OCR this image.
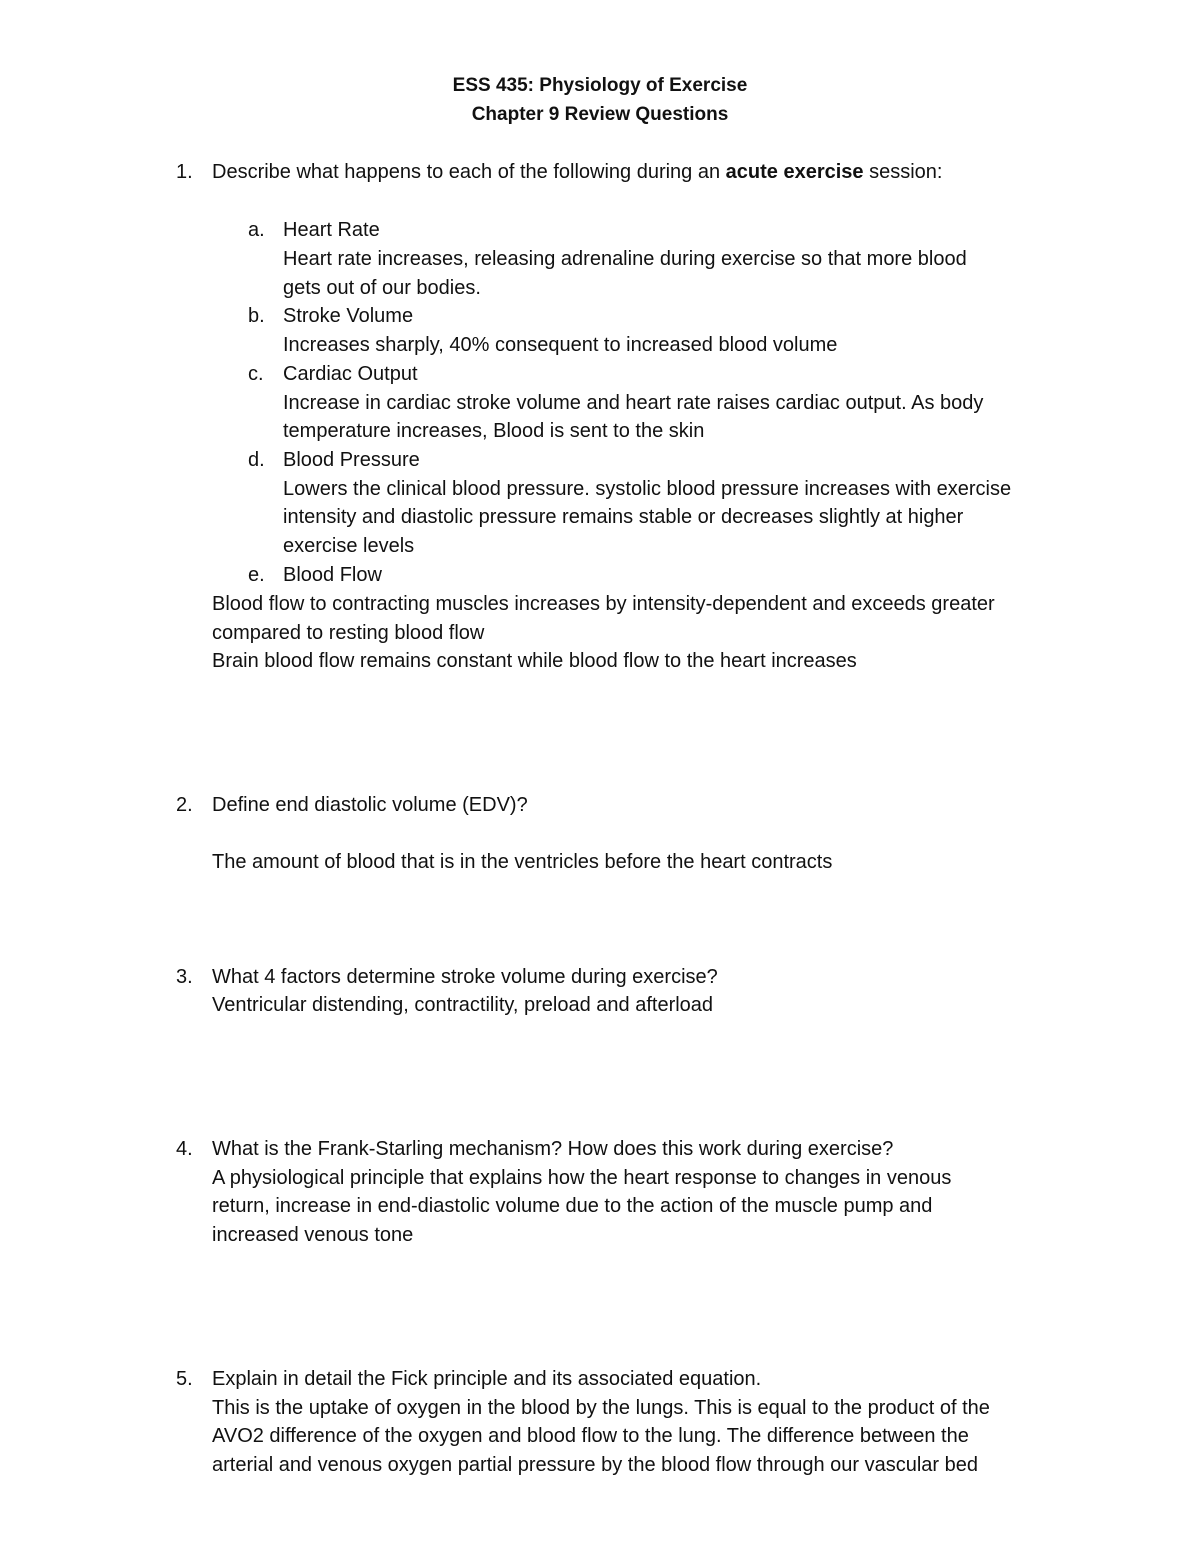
ESS 435: Physiology of Exercise
Chapter 9 Review Questions
1. Describe what happens to each of the following during an acute exercise session:
a. Heart Rate
Heart rate increases, releasing adrenaline during exercise so that more blood
gets out of our bodies.
b. Stroke Volume
Increases sharply, 40% consequent to increased blood volume
c. Cardiac Output
Increase in cardiac stroke volume and heart rate raises cardiac output. As body
temperature increases, Blood is sent to the skin
d. Blood Pressure
Lowers the clinical blood pressure. systolic blood pressure increases with exercise
intensity and diastolic pressure remains stable or decreases slightly at higher
exercise levels
e. Blood Flow
Blood flow to contracting muscles increases by intensity-dependent and exceeds greater
compared to resting blood flow
Brain blood flow remains constant while blood flow to the heart increases
2. Define end diastolic volume (EDV)?
The amount of blood that is in the ventricles before the heart contracts
3. What 4 factors determine stroke volume during exercise?
Ventricular distending, contractility, preload and afterload
4. What is the Frank-Starling mechanism? How does this work during exercise?
A physiological principle that explains how the heart response to changes in venous
return, increase in end-diastolic volume due to the action of the muscle pump and
increased venous tone
5. Explain in detail the Fick principle and its associated equation.
This is the uptake of oxygen in the blood by the lungs. This is equal to the product of the
AVO2 difference of the oxygen and blood flow to the lung. The difference between the
arterial and venous oxygen partial pressure by the blood flow through our vascular bed
